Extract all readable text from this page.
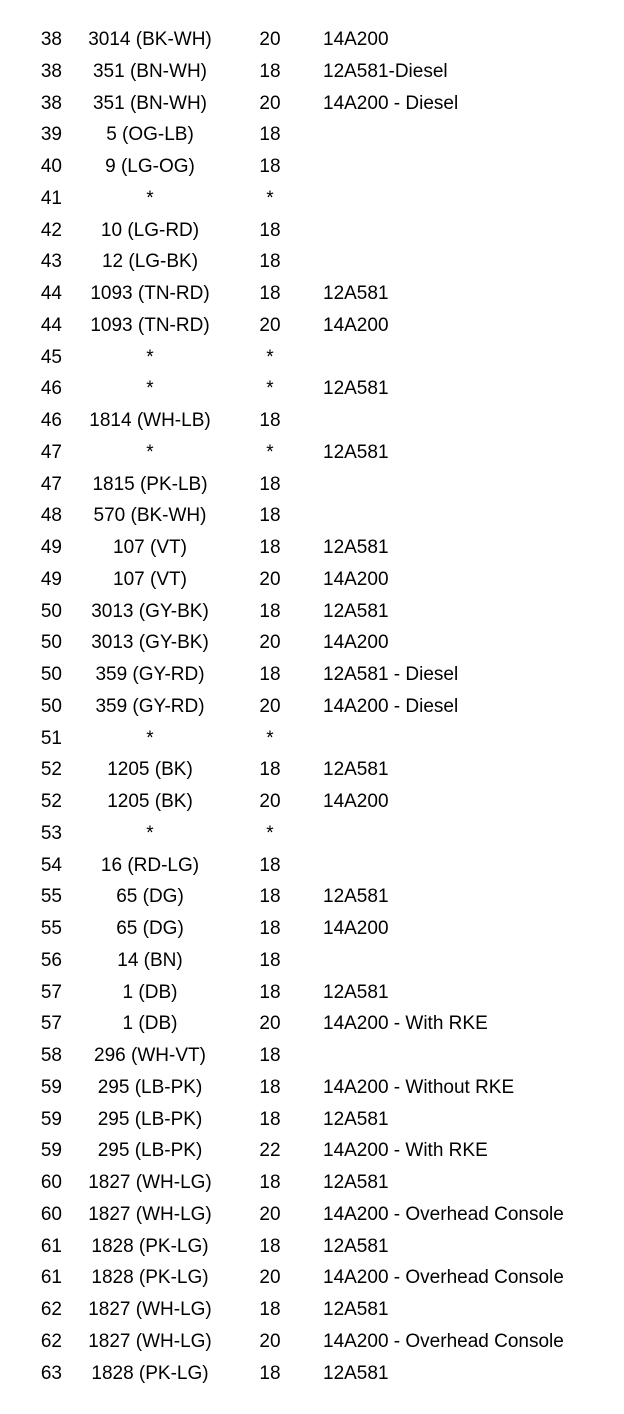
38	3014 (BK-WH)	20	14A200
38	351 (BN-WH)	18	12A581-Diesel
38	351 (BN-WH)	20	14A200 - Diesel
39	5 (OG-LB)	18
40	9 (LG-OG)	18
41	*	*
42	10 (LG-RD)	18
43	12 (LG-BK)	18
44	1093 (TN-RD)	18	12A581
44	1093 (TN-RD)	20	14A200
45	*	*
46	*	*	12A581
46	1814 (WH-LB)	18
47	*	*	12A581
47	1815 (PK-LB)	18
48	570 (BK-WH)	18
49	107 (VT)	18	12A581
49	107 (VT)	20	14A200
50	3013 (GY-BK)	18	12A581
50	3013 (GY-BK)	20	14A200
50	359 (GY-RD)	18	12A581 - Diesel
50	359 (GY-RD)	20	14A200 - Diesel
51	*	*
52	1205 (BK)	18	12A581
52	1205 (BK)	20	14A200
53	*	*
54	16 (RD-LG)	18
55	65 (DG)	18	12A581
55	65 (DG)	18	14A200
56	14 (BN)	18
57	1 (DB)	18	12A581
57	1 (DB)	20	14A200 - With RKE
58	296 (WH-VT)	18
59	295 (LB-PK)	18	14A200 - Without RKE
59	295 (LB-PK)	18	12A581
59	295 (LB-PK)	22	14A200 - With RKE
60	1827 (WH-LG)	18	12A581
60	1827 (WH-LG)	20	14A200 - Overhead Console
61	1828 (PK-LG)	18	12A581
61	1828 (PK-LG)	20	14A200 - Overhead Console
62	1827 (WH-LG)	18	12A581
62	1827 (WH-LG)	20	14A200 - Overhead Console
63	1828 (PK-LG)	18	12A581
